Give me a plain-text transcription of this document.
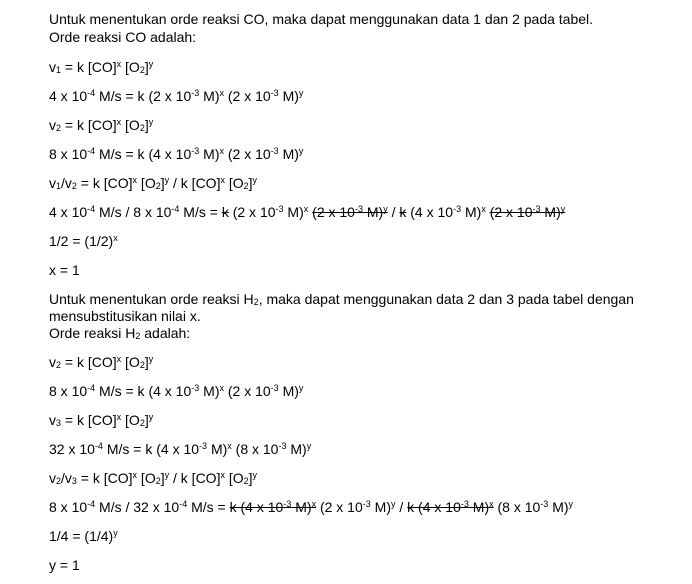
Untuk menentukan orde reaksi CO, maka dapat menggunakan data 1 dan 2 pada tabel.
Orde reaksi CO adalah:
$v_1 = k$ [CO]$^x$ $[O_2]^y$
4 x $10^{-4}$ M/s = k (2 x $10^{-3}$ M)$^x$ (2 x $10^{-3}$ M)$^y$
$v_2 = k$ [CO]$^x$ $[O_2]^y$
8 x $10^{-4}$ M/s = k (4 x $10^{-3}$ M)$^x$ (2 x $10^{-3}$ M)$^y$
$v_1/v_2 = k$ [CO]$^x$ $[O_2]^y$ / k [CO]$^x$ $[O_2]^y$
4 x $10^{-4}$ M/s / 8 x $10^{-4}$ M/s = k (2 x $10^{-3}$ M)$^x$ (2 x $10^{-3}$ M)$^y$ / k (4 x $10^{-3}$ M)$^x$ (2 x $10^{-3}$ M)$^y$
$1/2 = (1/2)^x$
x = 1
Untuk menentukan orde reaksi $H_2$, maka dapat menggunakan data 2 dan 3 pada tabel dengan
mensubstitusikan nilai x.
Orde reaksi $H_2$ adalah:
$v_2 = k$ [CO]$^x$ $[O_2]^y$
8 x $10^{-4}$ M/s = k (4 x $10^{-3}$ M)$^x$ (2 x $10^{-3}$ M)$^y$
$v_3 = k$ [CO]$^x$ $[O_2]^y$
32 x $10^{-4}$ M/s = k (4 x $10^{-3}$ M)$^x$ (8 x $10^{-3}$ M)$^y$
$v_2/v_3 = k$ [CO]$^x$ $[O_2]^y$ / k [CO]$^x$ $[O_2]^y$
8 x $10^{-4}$ M/s / 32 x $10^{-4}$ M/s = k (4 x $10^{-3}$ M)$^x$ (2 x $10^{-3}$ M)$^y$ / k (4 x $10^{-3}$ M)$^x$ (8 x $10^{-3}$ M)$^y$
$1/4 = (1/4)^y$
y = 1
